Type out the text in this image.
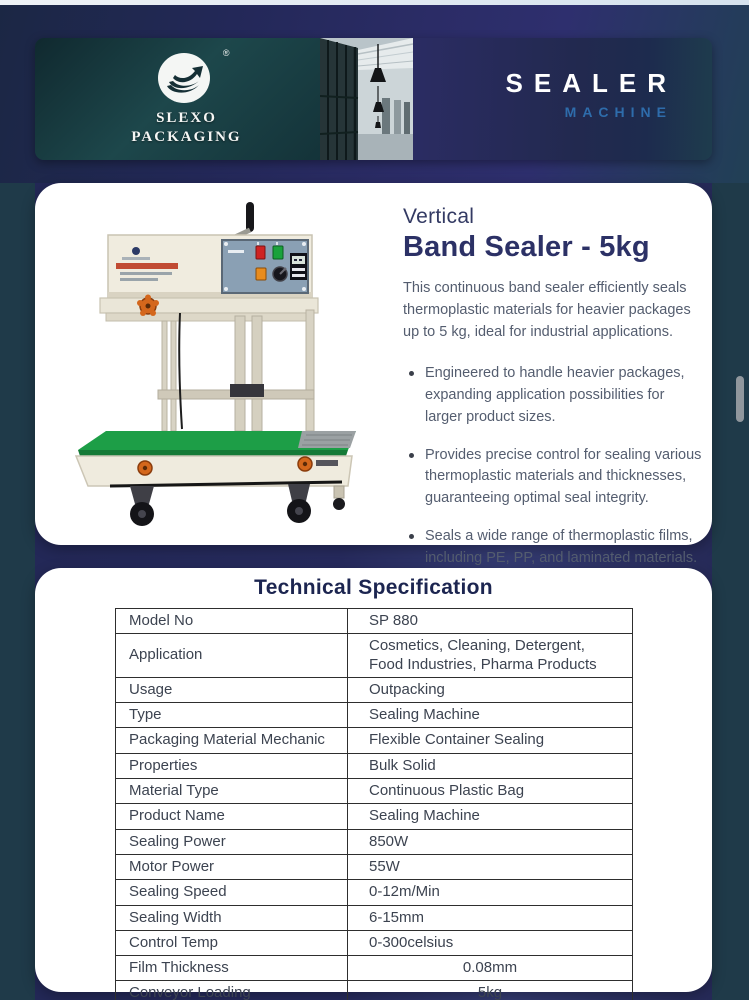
®
SLEXO
PACKAGING
SEALER
MACHINE
Vertical
Band Sealer - 5kg
This continuous band sealer efficiently seals thermoplastic materials for heavier packages up to 5 kg, ideal for industrial applications.
Engineered to handle heavier packages, expanding application possibilities for larger product sizes.
Provides precise control for sealing various thermoplastic materials and thicknesses, guaranteeing optimal seal integrity.
Seals a wide range of thermoplastic films, including PE, PP, and laminated materials.
Technical Specification
Model No	SP 880
Application	Cosmetics, Cleaning, Detergent, Food Industries, Pharma Products
Usage	Outpacking
Type	Sealing Machine
Packaging Material Mechanic	Flexible Container Sealing
Properties	Bulk Solid
Material Type	Continuous Plastic Bag
Product Name	Sealing Machine
Sealing Power	850W
Motor Power	55W
Sealing Speed	0-12m/Min
Sealing Width	6-15mm
Control Temp	0-300celsius
Film Thickness	0.08mm
Conveyor Loading	5kg
